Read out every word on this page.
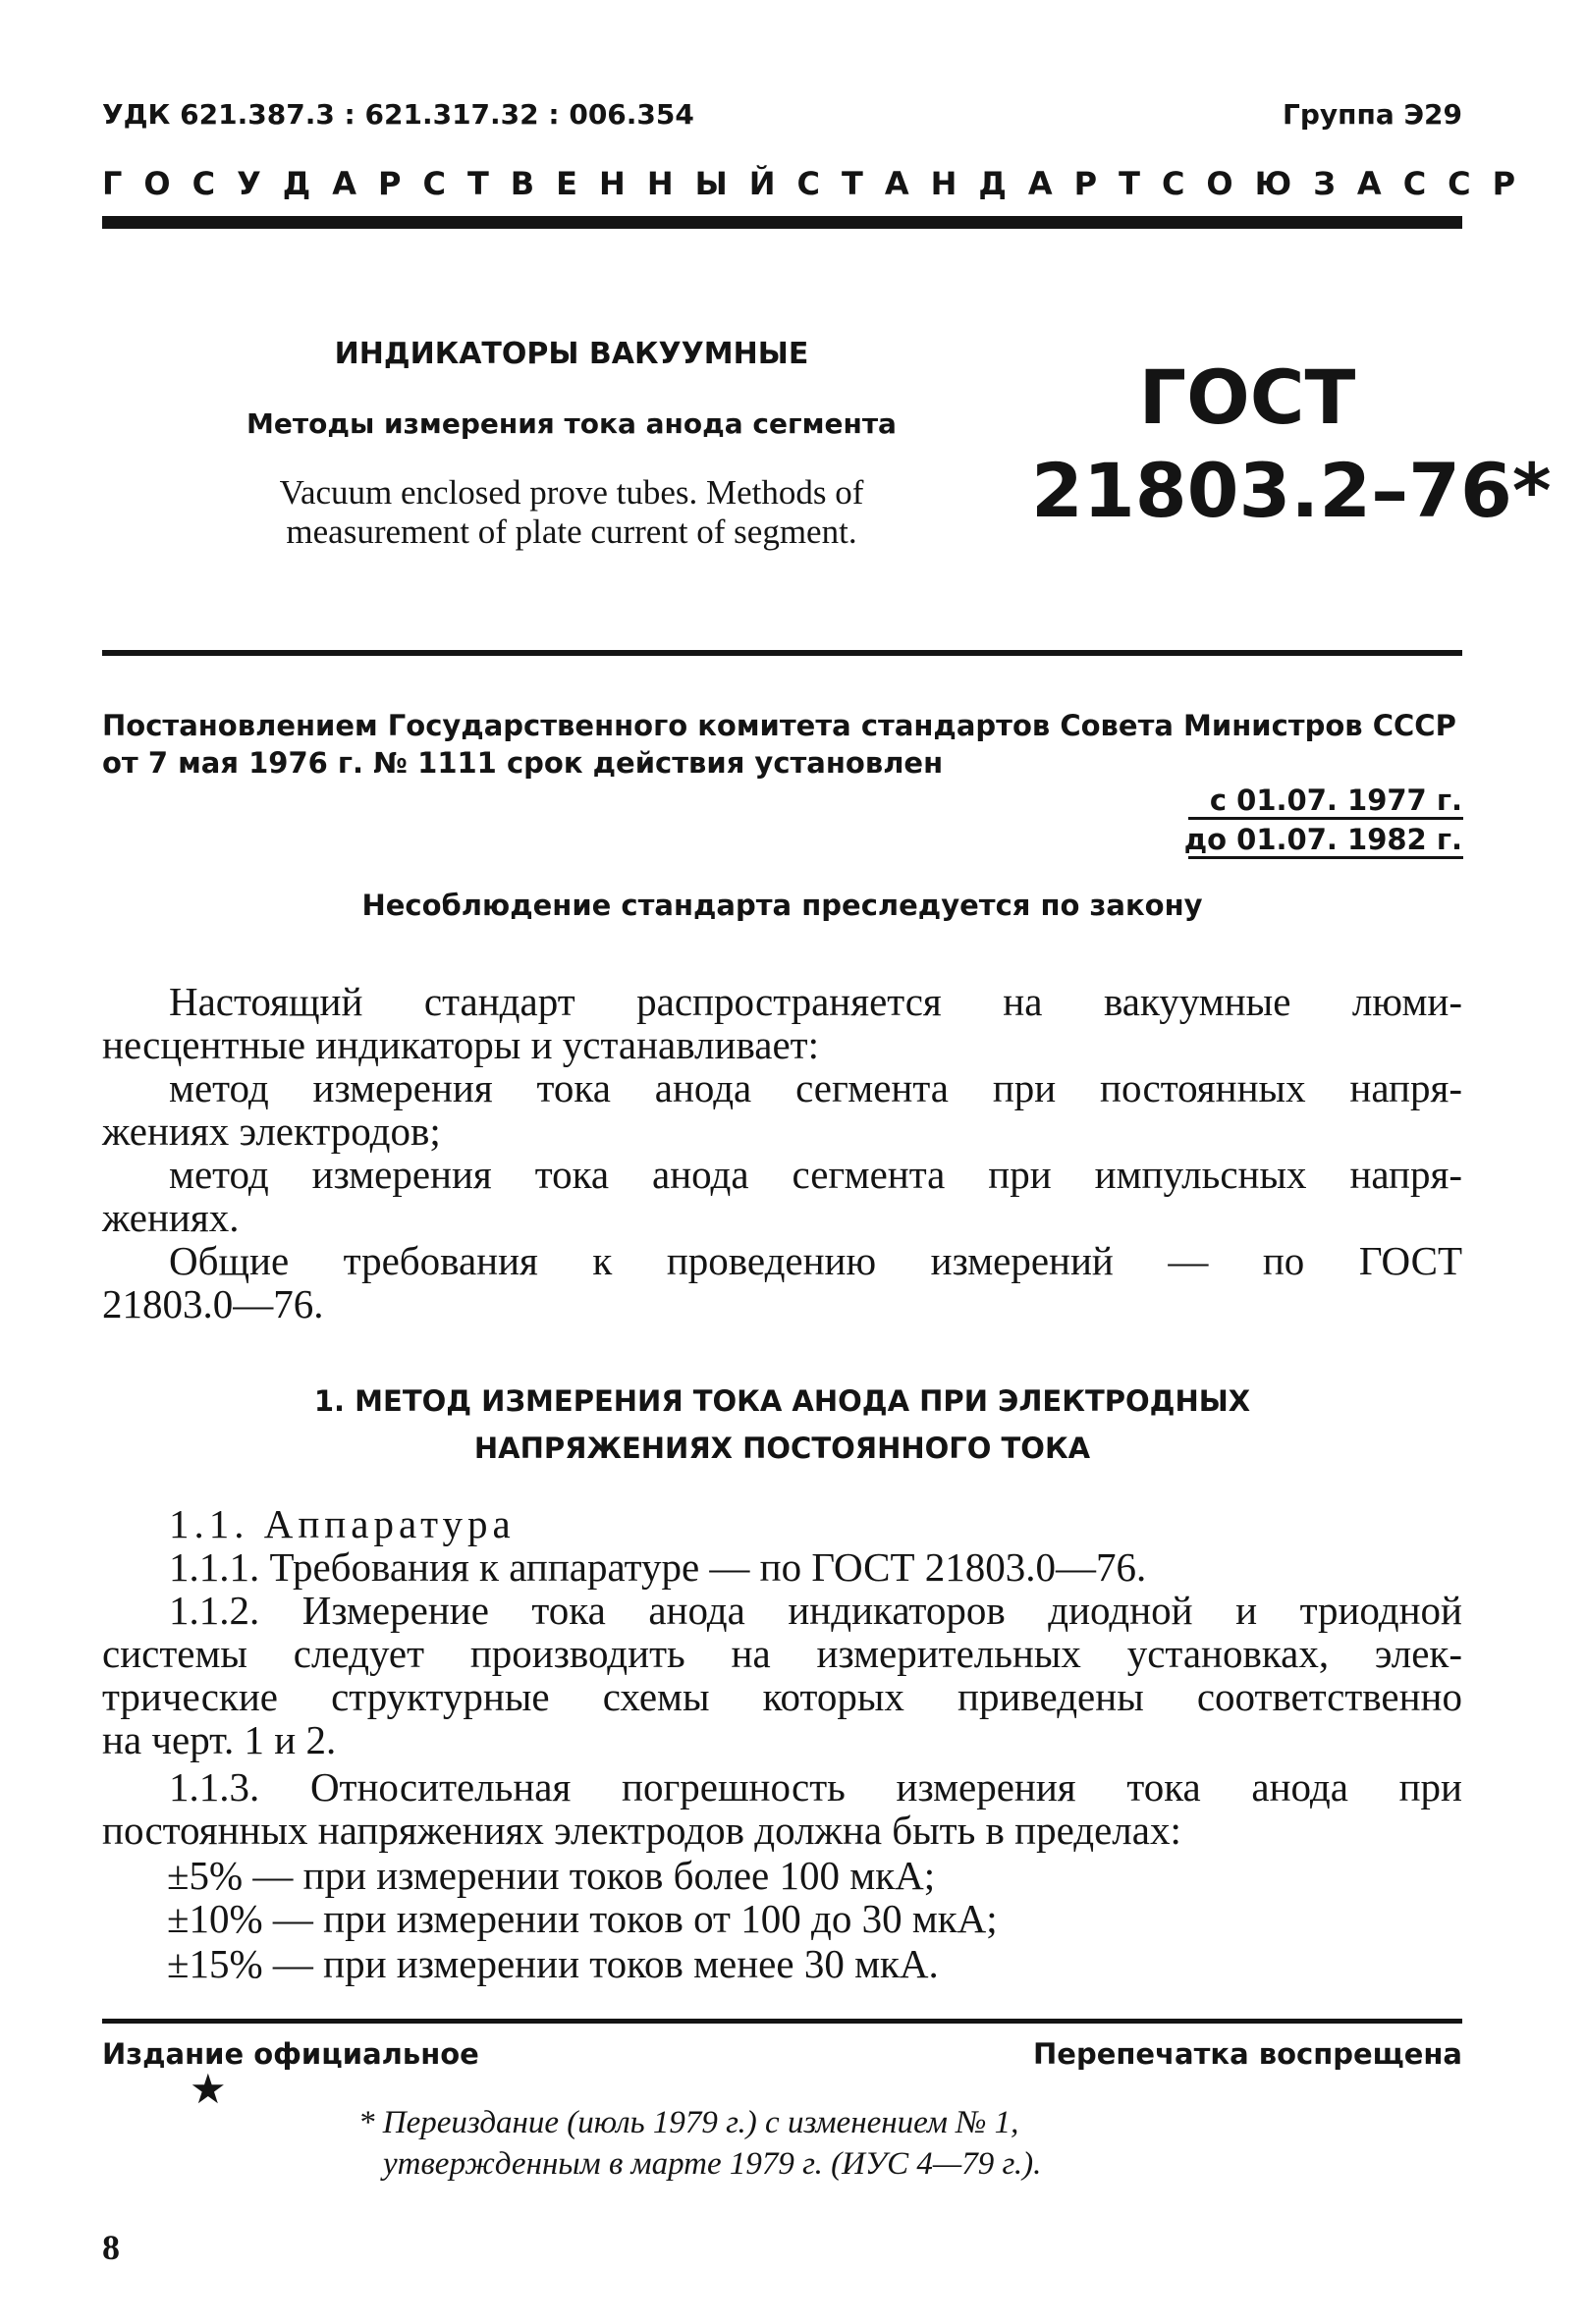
УДК 621.387.3 : 621.317.32 : 006.354	Группа Э29
ГОСУДАРСТВЕННЫЙ СТАНДАРТ СОЮЗА ССР
ИНДИКАТОРЫ ВАКУУМНЫЕ
Методы измерения тока анода сегмента
Vacuum enclosed prove tubes. Methods of
measurement of plate current of segment.
ГОСТ
21803.2–76*
Постановлением Государственного комитета стандартов Совета Министров СССР
от 7 мая 1976 г. № 1111 срок действия установлен
с 01.07. 1977 г.
до 01.07. 1982 г.
Несоблюдение стандарта преследуется по закону
Настоящий стандарт распространяется на вакуумные люми-
несцентные индикаторы и устанавливает:
метод измерения тока анода сегмента при постоянных напря-
жениях электродов;
метод измерения тока анода сегмента при импульсных напря-
жениях.
Общие требования к проведению измерений — по ГОСТ
21803.0—76.
1. МЕТОД ИЗМЕРЕНИЯ ТОКА АНОДА ПРИ ЭЛЕКТРОДНЫХ
НАПРЯЖЕНИЯХ ПОСТОЯННОГО ТОКА
1.1. Аппаратура
1.1.1. Требования к аппаратуре — по ГОСТ 21803.0—76.
1.1.2. Измерение тока анода индикаторов диодной и триодной
системы следует производить на измерительных установках, элек-
трические структурные схемы которых приведены соответственно
на черт. 1 и 2.
1.1.3. Относительная погрешность измерения тока анода при
постоянных напряжениях электродов должна быть в пределах:
±5% — при измерении токов более 100 мкА;
±10% — при измерении токов от 100 до 30 мкА;
±15% — при измерении токов менее 30 мкА.
Издание официальное	Перепечатка воспрещена
★
* Переиздание (июль 1979 г.) с изменением № 1,
утвержденным в марте 1979 г. (ИУС 4—79 г.).
8
